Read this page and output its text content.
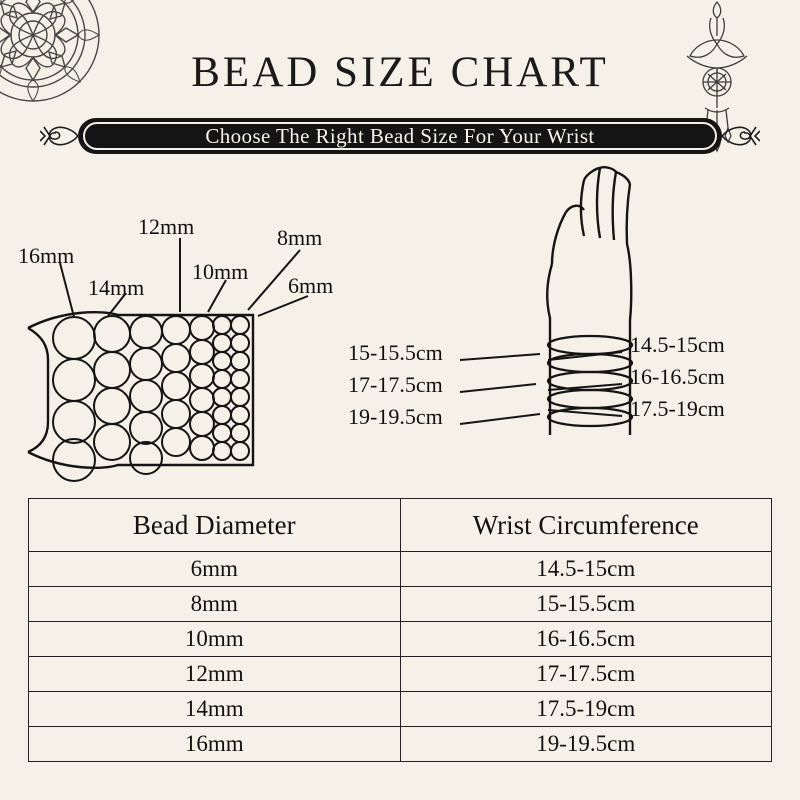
BEAD SIZE CHART
Choose The Right Bead Size For Your Wrist
16mm
14mm
12mm
10mm
8mm
6mm
15-15.5cm
17-17.5cm
19-19.5cm
14.5-15cm
16-16.5cm
17.5-19cm
Bead Diameter	Wrist Circumference
6mm	14.5-15cm
8mm	15-15.5cm
10mm	16-16.5cm
12mm	17-17.5cm
14mm	17.5-19cm
16mm	19-19.5cm
